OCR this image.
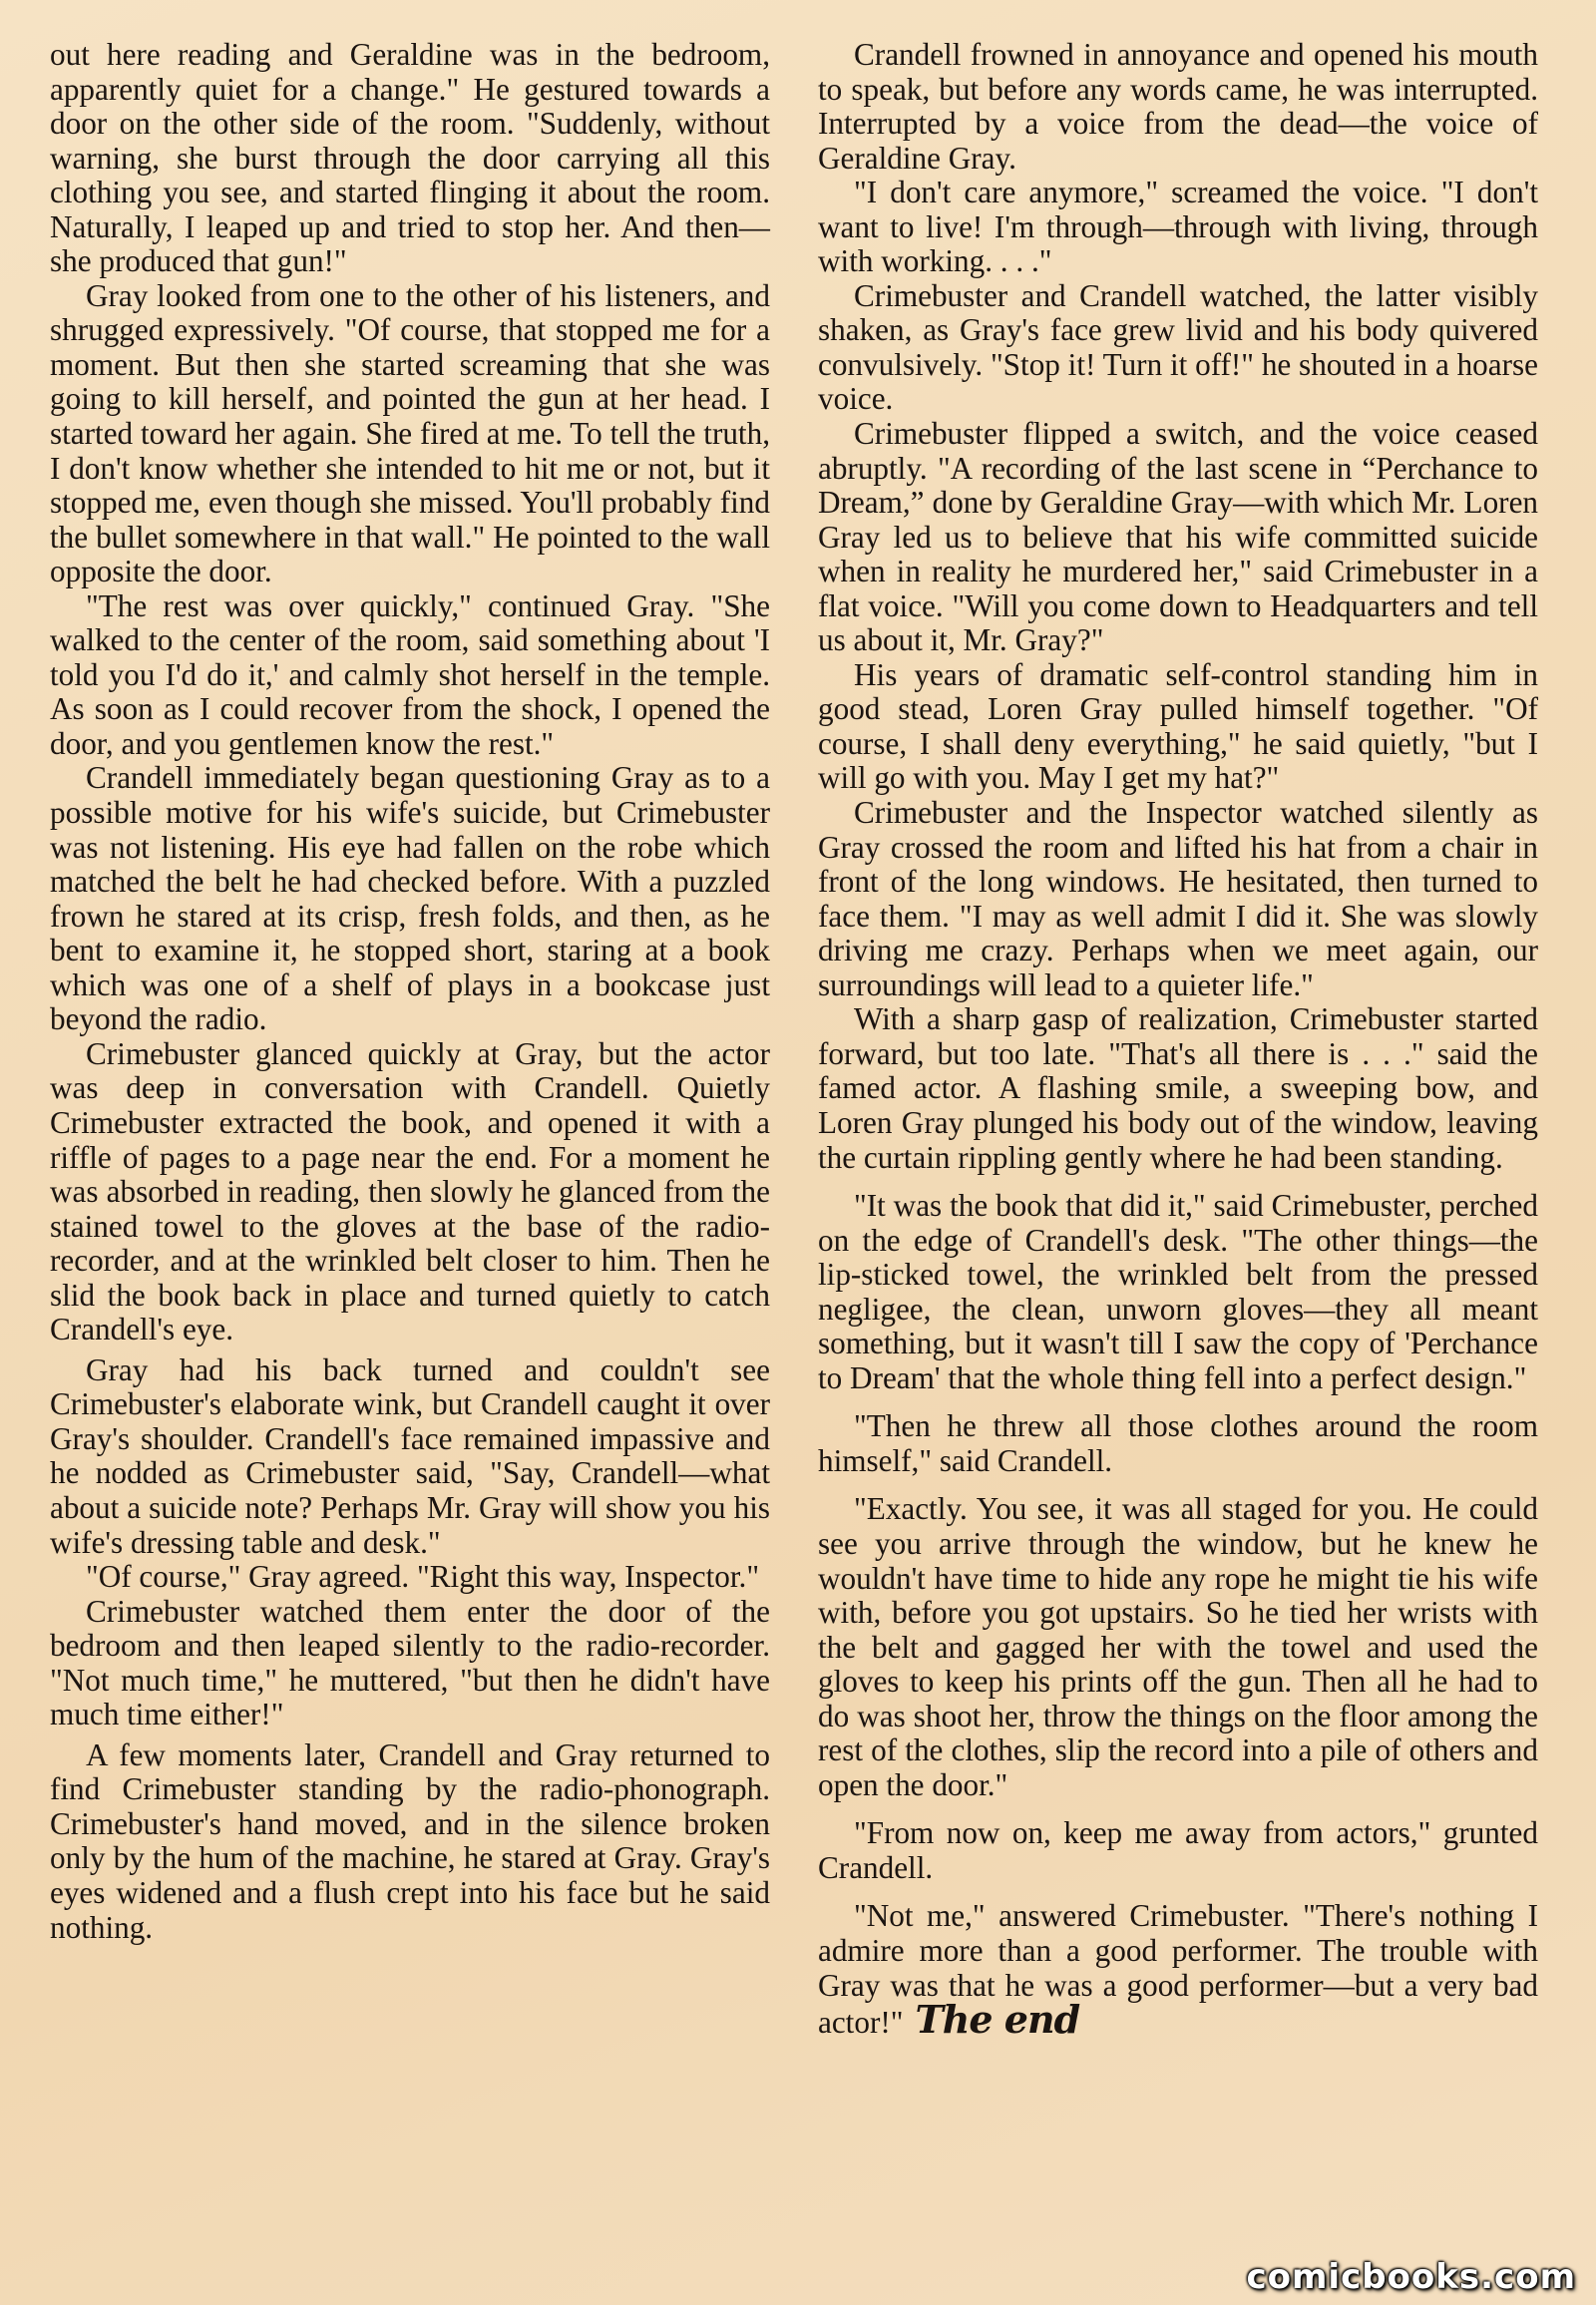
out here reading and Geraldine was in the bedroom, apparently quiet for a change." He gestured towards a door on the other side of the room. "Suddenly, without warning, she burst through the door carrying all this clothing you see, and started flinging it about the room. Naturally, I leaped up and tried to stop her. And then—she produced that gun!"

Gray looked from one to the other of his listeners, and shrugged expressively. "Of course, that stopped me for a moment. But then she started screaming that she was going to kill herself, and pointed the gun at her head. I started toward her again. She fired at me. To tell the truth, I don't know whether she intended to hit me or not, but it stopped me, even though she missed. You'll probably find the bullet somewhere in that wall." He pointed to the wall opposite the door.

"The rest was over quickly," continued Gray. "She walked to the center of the room, said something about 'I told you I'd do it,' and calmly shot herself in the temple. As soon as I could recover from the shock, I opened the door, and you gentlemen know the rest."

Crandell immediately began questioning Gray as to a possible motive for his wife's suicide, but Crimebuster was not listening. His eye had fallen on the robe which matched the belt he had checked before. With a puzzled frown he stared at its crisp, fresh folds, and then, as he bent to examine it, he stopped short, staring at a book which was one of a shelf of plays in a bookcase just beyond the radio.

Crimebuster glanced quickly at Gray, but the actor was deep in conversation with Crandell. Quietly Crimebuster extracted the book, and opened it with a riffle of pages to a page near the end. For a moment he was absorbed in reading, then slowly he glanced from the stained towel to the gloves at the base of the radio-recorder, and at the wrinkled belt closer to him. Then he slid the book back in place and turned quietly to catch Crandell's eye.

Gray had his back turned and couldn't see Crimebuster's elaborate wink, but Crandell caught it over Gray's shoulder. Crandell's face remained impassive and he nodded as Crimebuster said, "Say, Crandell—what about a suicide note? Perhaps Mr. Gray will show you his wife's dressing table and desk."

"Of course," Gray agreed. "Right this way, Inspector."

Crimebuster watched them enter the door of the bedroom and then leaped silently to the radio-recorder. "Not much time," he muttered, "but then he didn't have much time either!"

A few moments later, Crandell and Gray returned to find Crimebuster standing by the radio-phonograph. Crimebuster's hand moved, and in the silence broken only by the hum of the machine, he stared at Gray. Gray's eyes widened and a flush crept into his face but he said nothing.

Crandell frowned in annoyance and opened his mouth to speak, but before any words came, he was interrupted. Interrupted by a voice from the dead—the voice of Geraldine Gray.

"I don't care anymore," screamed the voice. "I don't want to live! I'm through—through with living, through with working. . . ."

Crimebuster and Crandell watched, the latter visibly shaken, as Gray's face grew livid and his body quivered convulsively. "Stop it! Turn it off!" he shouted in a hoarse voice.

Crimebuster flipped a switch, and the voice ceased abruptly. "A recording of the last scene in “Perchance to Dream,” done by Geraldine Gray—with which Mr. Loren Gray led us to believe that his wife committed suicide when in reality he murdered her," said Crimebuster in a flat voice. "Will you come down to Headquarters and tell us about it, Mr. Gray?"

His years of dramatic self-control standing him in good stead, Loren Gray pulled himself together. "Of course, I shall deny everything," he said quietly, "but I will go with you. May I get my hat?"

Crimebuster and the Inspector watched silently as Gray crossed the room and lifted his hat from a chair in front of the long windows. He hesitated, then turned to face them. "I may as well admit I did it. She was slowly driving me crazy. Perhaps when we meet again, our surroundings will lead to a quieter life."

With a sharp gasp of realization, Crimebuster started forward, but too late. "That's all there is . . ." said the famed actor. A flashing smile, a sweeping bow, and Loren Gray plunged his body out of the window, leaving the curtain rippling gently where he had been standing.

"It was the book that did it," said Crimebuster, perched on the edge of Crandell's desk. "The other things—the lip-sticked towel, the wrinkled belt from the pressed negligee, the clean, unworn gloves—they all meant something, but it wasn't till I saw the copy of 'Perchance to Dream' that the whole thing fell into a perfect design."

"Then he threw all those clothes around the room himself," said Crandell.

"Exactly. You see, it was all staged for you. He could see you arrive through the window, but he knew he wouldn't have time to hide any rope he might tie his wife with, before you got upstairs. So he tied her wrists with the belt and gagged her with the towel and used the gloves to keep his prints off the gun. Then all he had to do was shoot her, throw the things on the floor among the rest of the clothes, slip the record into a pile of others and open the door."

"From now on, keep me away from actors," grunted Crandell.

"Not me," answered Crimebuster. "There's nothing I admire more than a good performer. The trouble with Gray was that he was a good performer—but a very bad actor!" The end

comicbooks.com
